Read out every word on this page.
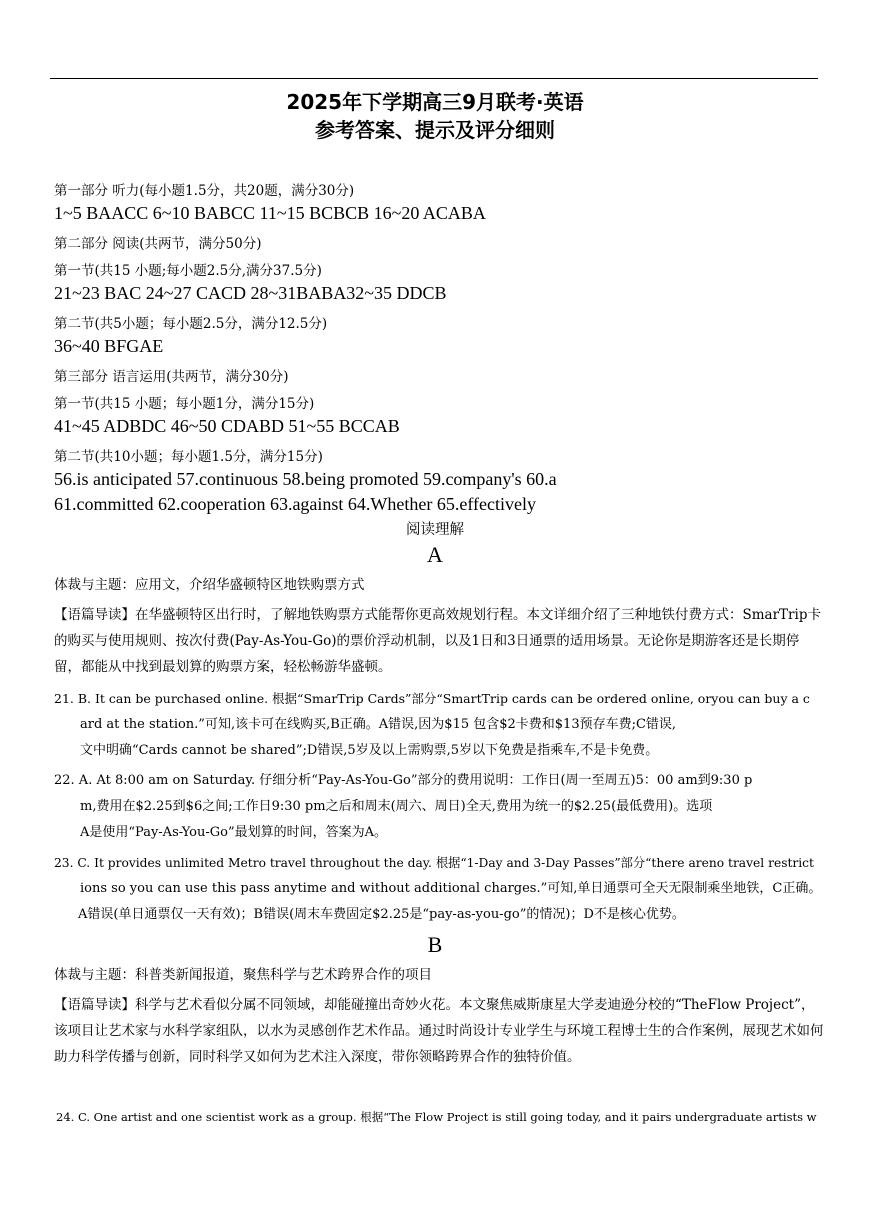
2025年下学期高三9月联考·英语
参考答案、提示及评分细则
第一部分 听力(每小题1.5分，共20题，满分30分)
1~5 BAACC 6~10 BABCC 11~15 BCBCB 16~20 ACABA
第二部分 阅读(共两节，满分50分)
第一节(共15 小题;每小题2.5分,满分37.5分)
21~23 BAC 24~27 CACD 28~31BABA32~35 DDCB
第二节(共5小题；每小题2.5分，满分12.5分)
36~40 BFGAE
第三部分 语言运用(共两节，满分30分)
第一节(共15 小题；每小题1分，满分15分)
41~45 ADBDC 46~50 CDABD 51~55 BCCAB
第二节(共10小题；每小题1.5分，满分15分)
56.is anticipated 57.continuous 58.being promoted 59.company's 60.a
61.committed 62.cooperation 63.against 64.Whether 65.effectively
阅读理解
A
体裁与主题：应用文，介绍华盛顿特区地铁购票方式
【语篇导读】在华盛顿特区出行时，了解地铁购票方式能帮你更高效规划行程。本文详细介绍了三种地铁付费方式：SmarTrip卡的购买与使用规则、按次付费(Pay-As-You-Go)的票价浮动机制，以及1日和3日通票的适用场景。无论你是期游客还是长期停留，都能从中找到最划算的购票方案，轻松畅游华盛顿。
21. B. It can be purchased online. 根据“SmarTrip Cards”部分“SmartTrip cards can be ordered online, oryou can buy a c
ard at the station.”可知,该卡可在线购买,B正确。A错误,因为$15 包含$2卡费和$13预存车费;C错误,
文中明确“Cards cannot be shared”;D错误,5岁及以上需购票,5岁以下免费是指乘车,不是卡免费。
22. A. At 8:00 am on Saturday. 仔细分析“Pay-As-You-Go”部分的费用说明：工作日(周一至周五)5：00 am到9:30 p
m,费用在$2.25到$6之间;工作日9:30 pm之后和周末(周六、周日)全天,费用为统一的$2.25(最低费用)。选项
A是使用“Pay-As-You-Go”最划算的时间，答案为A。
23. C. It provides unlimited Metro travel throughout the day. 根据“1-Day and 3-Day Passes”部分“there areno travel restrict
ions so you can use this pass anytime and without additional charges.”可知,单日通票可全天无限制乘坐地铁，C正确。
A错误(单日通票仅一天有效)；B错误(周末车费固定$2.25是“pay-as-you-go”的情况)；D不是核心优势。
B
体裁与主题：科普类新闻报道，聚焦科学与艺术跨界合作的项目
【语篇导读】科学与艺术看似分属不同领域，却能碰撞出奇妙火花。本文聚焦威斯康星大学麦迪逊分校的“TheFlow Project”，该项目让艺术家与水科学家组队，以水为灵感创作艺术作品。通过时尚设计专业学生与环境工程博士生的合作案例，展现艺术如何助力科学传播与创新，同时科学又如何为艺术注入深度，带你领略跨界合作的独特价值。
24. C. One artist and one scientist work as a group. 根据“The Flow Project is still going today, and it pairs undergraduate artists w
